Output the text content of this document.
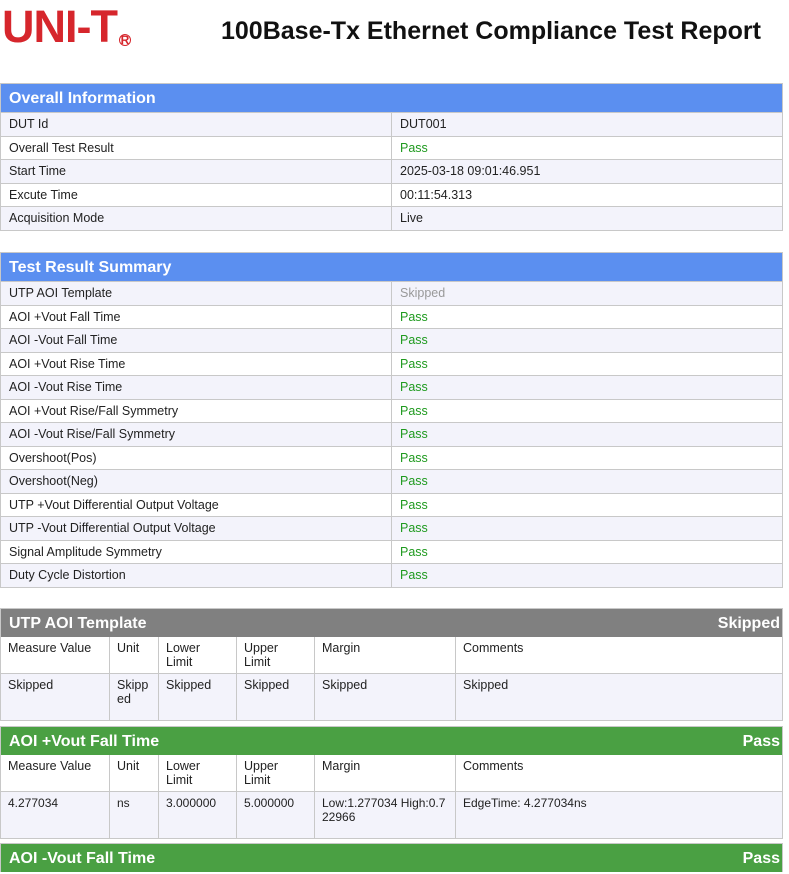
UNI-T R	100Base-Tx Ethernet Compliance Test Report
Overall Information
DUT Id	DUT001
Overall Test Result	Pass
Start Time	2025-03-18 09:01:46.951
Excute Time	00:11:54.313
Acquisition Mode	Live
Test Result Summary
UTP AOI Template	Skipped
AOI +Vout Fall Time	Pass
AOI -Vout Fall Time	Pass
AOI +Vout Rise Time	Pass
AOI -Vout Rise Time	Pass
AOI +Vout Rise/Fall Symmetry	Pass
AOI -Vout Rise/Fall Symmetry	Pass
Overshoot(Pos)	Pass
Overshoot(Neg)	Pass
UTP +Vout Differential Output Voltage	Pass
UTP -Vout Differential Output Voltage	Pass
Signal Amplitude Symmetry	Pass
Duty Cycle Distortion	Pass
UTP AOI Template	Skipped
Measure Value	Unit	Lower Limit	Upper Limit	Margin	Comments
Skipped	Skipped	Skipped	Skipped	Skipped	Skipped
AOI +Vout Fall Time	Pass
Measure Value	Unit	Lower Limit	Upper Limit	Margin	Comments
4.277034	ns	3.000000	5.000000	Low:1.277034 High:0.722966	EdgeTime: 4.277034ns
AOI -Vout Fall Time	Pass
